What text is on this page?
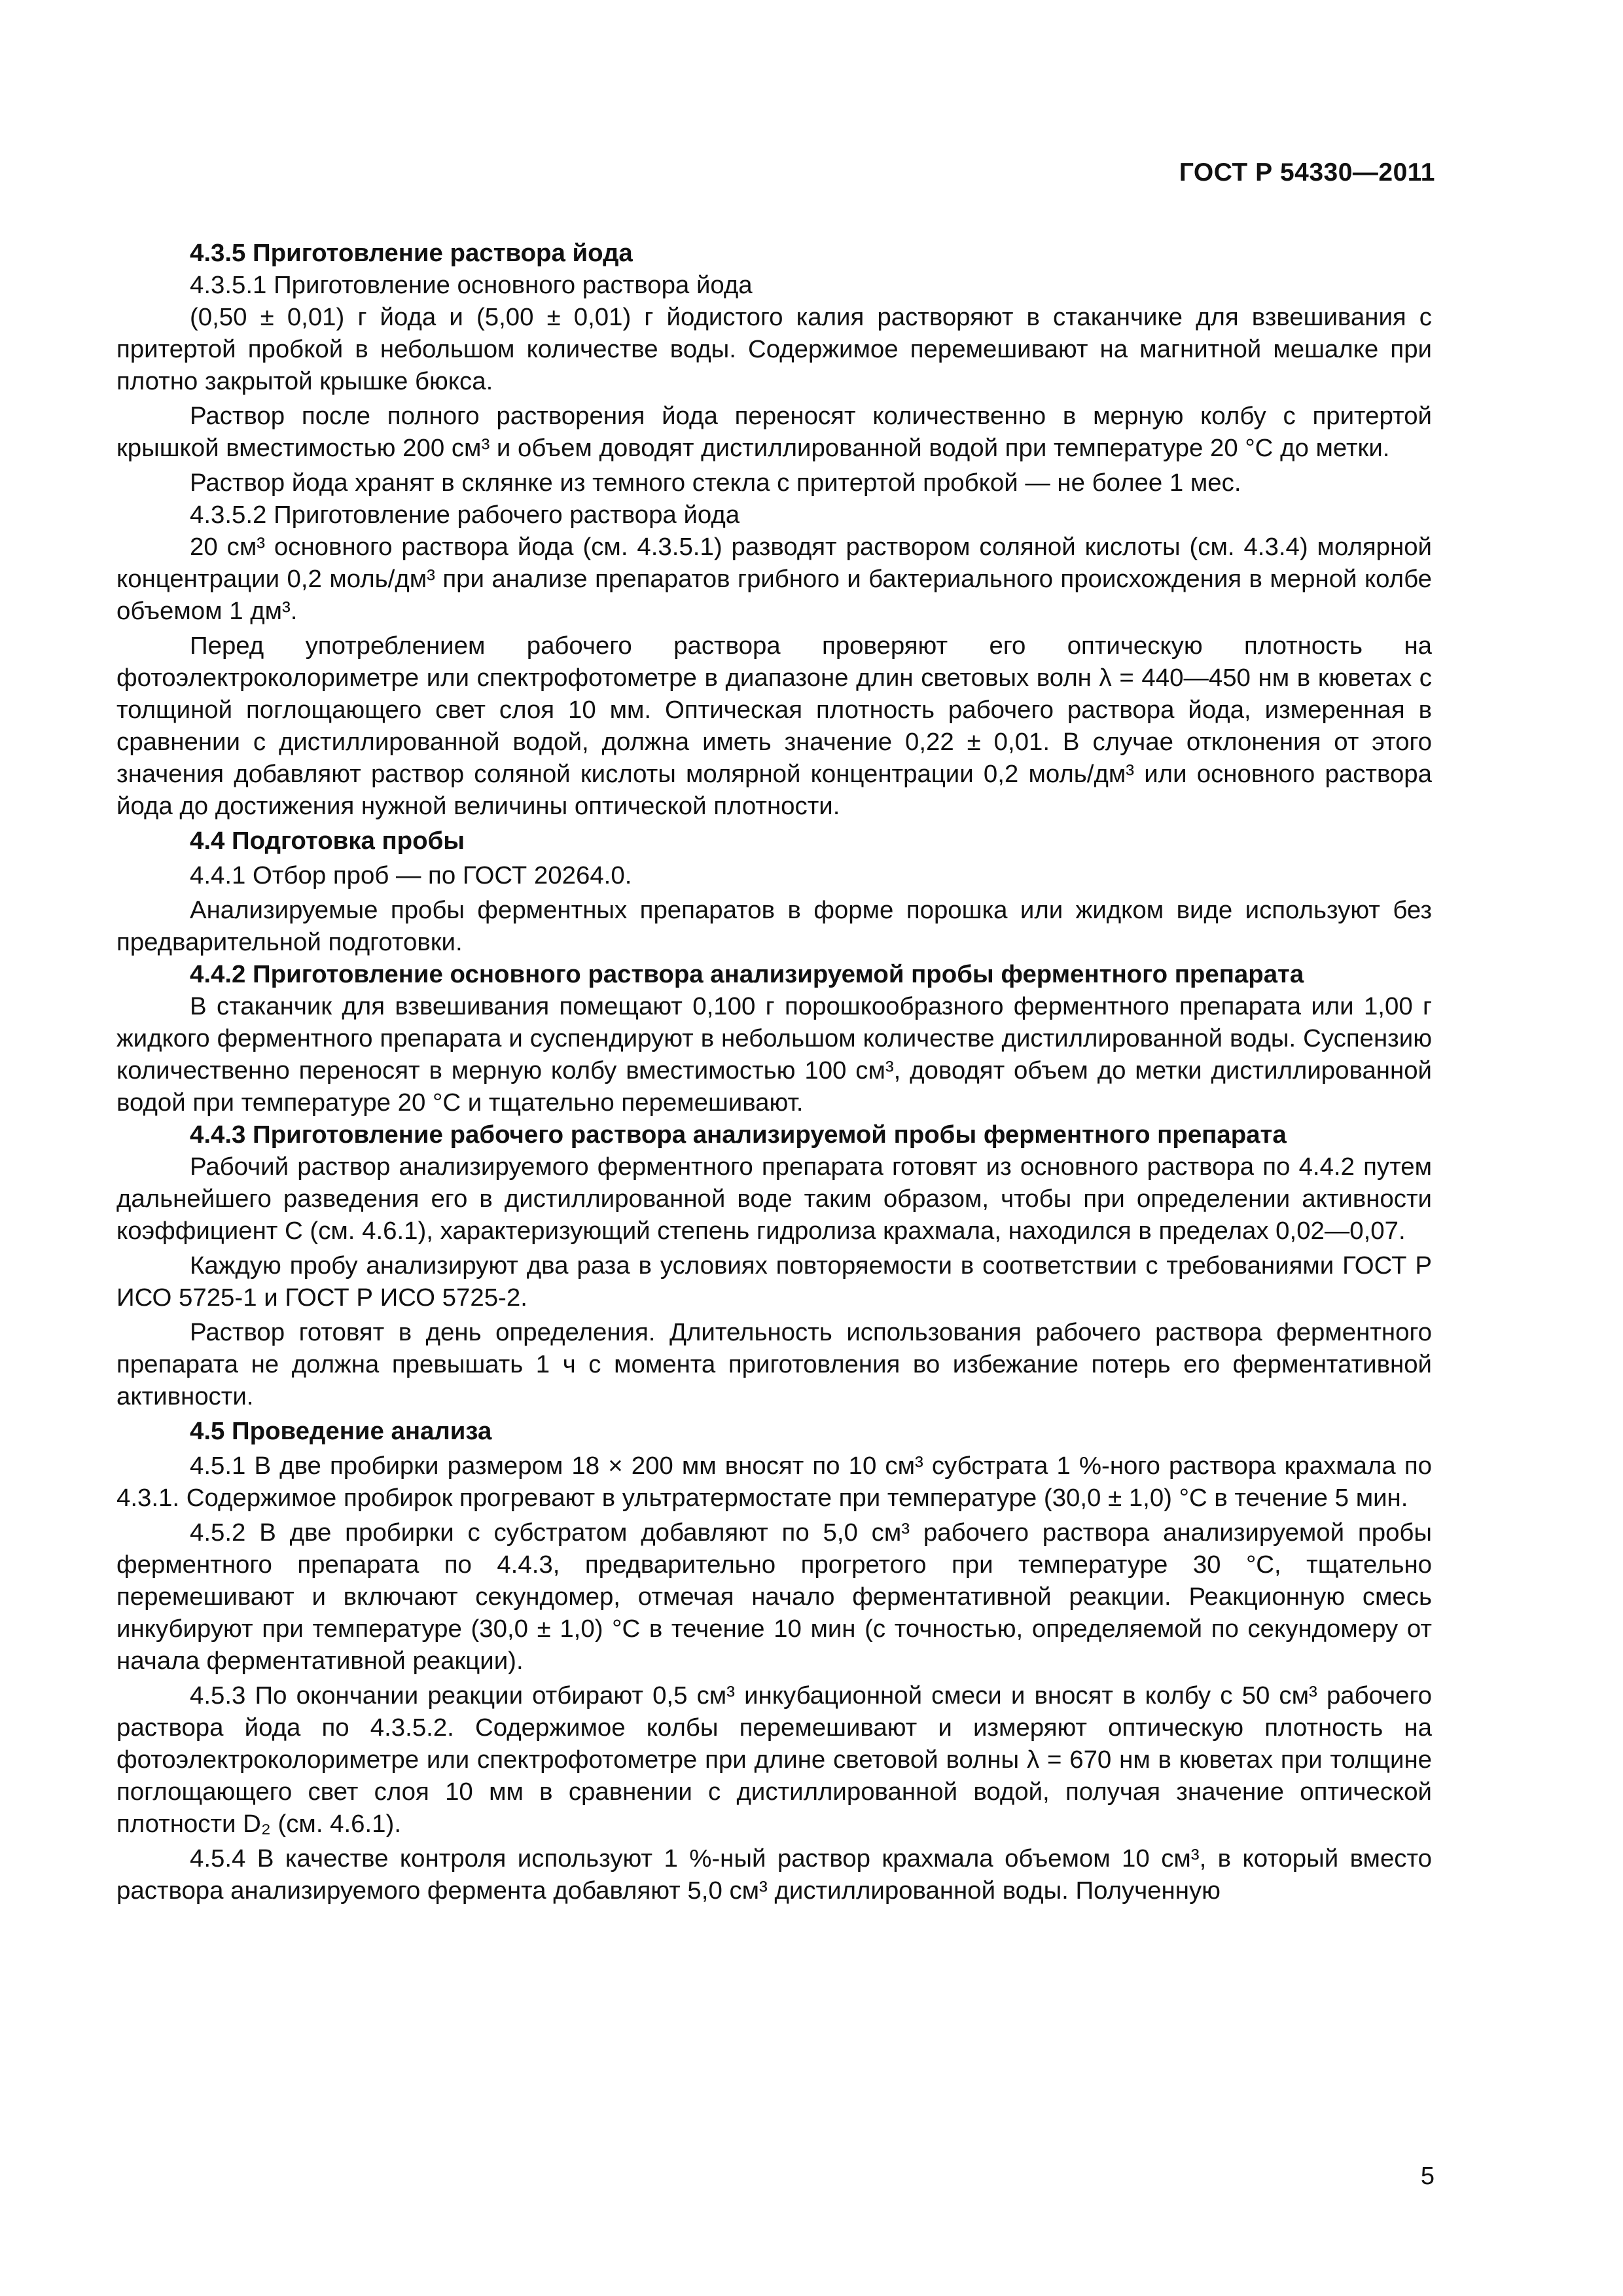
ГОСТ Р 54330—2011

4.3.5 Приготовление раствора йода

4.3.5.1 Приготовление основного раствора йода

(0,50 ± 0,01) г йода и (5,00 ± 0,01) г йодистого калия растворяют в стаканчике для взвешивания с притертой пробкой в небольшом количестве воды. Содержимое перемешивают на магнитной мешалке при плотно закрытой крышке бюкса.

Раствор после полного растворения йода переносят количественно в мерную колбу с притертой крышкой вместимостью 200 см³ и объем доводят дистиллированной водой при температуре 20 °С до метки.

Раствор йода хранят в склянке из темного стекла с притертой пробкой — не более 1 мес.

4.3.5.2 Приготовление рабочего раствора йода

20 см³ основного раствора йода (см. 4.3.5.1) разводят раствором соляной кислоты (см. 4.3.4) молярной концентрации 0,2 моль/дм³ при анализе препаратов грибного и бактериального происхождения в мерной колбе объемом 1 дм³.

Перед употреблением рабочего раствора проверяют его оптическую плотность на фотоэлектроколориметре или спектрофотометре в диапазоне длин световых волн λ = 440—450 нм в кюветах с толщиной поглощающего свет слоя 10 мм. Оптическая плотность рабочего раствора йода, измеренная в сравнении с дистиллированной водой, должна иметь значение 0,22 ± 0,01. В случае отклонения от этого значения добавляют раствор соляной кислоты молярной концентрации 0,2 моль/дм³ или основного раствора йода до достижения нужной величины оптической плотности.

4.4 Подготовка пробы

4.4.1 Отбор проб — по ГОСТ 20264.0.

Анализируемые пробы ферментных препаратов в форме порошка или жидком виде используют без предварительной подготовки.

4.4.2 Приготовление основного раствора анализируемой пробы ферментного препарата

В стаканчик для взвешивания помещают 0,100 г порошкообразного ферментного препарата или 1,00 г жидкого ферментного препарата и суспендируют в небольшом количестве дистиллированной воды. Суспензию количественно переносят в мерную колбу вместимостью 100 см³, доводят объем до метки дистиллированной водой при температуре 20 °С и тщательно перемешивают.

4.4.3 Приготовление рабочего раствора анализируемой пробы ферментного препарата

Рабочий раствор анализируемого ферментного препарата готовят из основного раствора по 4.4.2 путем дальнейшего разведения его в дистиллированной воде таким образом, чтобы при определении активности коэффициент С (см. 4.6.1), характеризующий степень гидролиза крахмала, находился в пределах 0,02—0,07.

Каждую пробу анализируют два раза в условиях повторяемости в соответствии с требованиями ГОСТ Р ИСО 5725-1 и ГОСТ Р ИСО 5725-2.

Раствор готовят в день определения. Длительность использования рабочего раствора ферментного препарата не должна превышать 1 ч с момента приготовления во избежание потерь его ферментативной активности.

4.5 Проведение анализа

4.5.1 В две пробирки размером 18 × 200 мм вносят по 10 см³ субстрата 1 %-ного раствора крахмала по 4.3.1. Содержимое пробирок прогревают в ультратермостате при температуре (30,0 ± 1,0) °С в течение 5 мин.

4.5.2 В две пробирки с субстратом добавляют по 5,0 см³ рабочего раствора анализируемой пробы ферментного препарата по 4.4.3, предварительно прогретого при температуре 30 °С, тщательно перемешивают и включают секундомер, отмечая начало ферментативной реакции. Реакционную смесь инкубируют при температуре (30,0 ± 1,0) °С в течение 10 мин (с точностью, определяемой по секундомеру от начала ферментативной реакции).

4.5.3 По окончании реакции отбирают 0,5 см³ инкубационной смеси и вносят в колбу с 50 см³ рабочего раствора йода по 4.3.5.2. Содержимое колбы перемешивают и измеряют оптическую плотность на фотоэлектроколориметре или спектрофотометре при длине световой волны λ = 670 нм в кюветах при толщине поглощающего свет слоя 10 мм в сравнении с дистиллированной водой, получая значение оптической плотности D₂ (см. 4.6.1).

4.5.4 В качестве контроля используют 1 %-ный раствор крахмала объемом 10 см³, в который вместо раствора анализируемого фермента добавляют 5,0 см³ дистиллированной воды. Полученную

5
